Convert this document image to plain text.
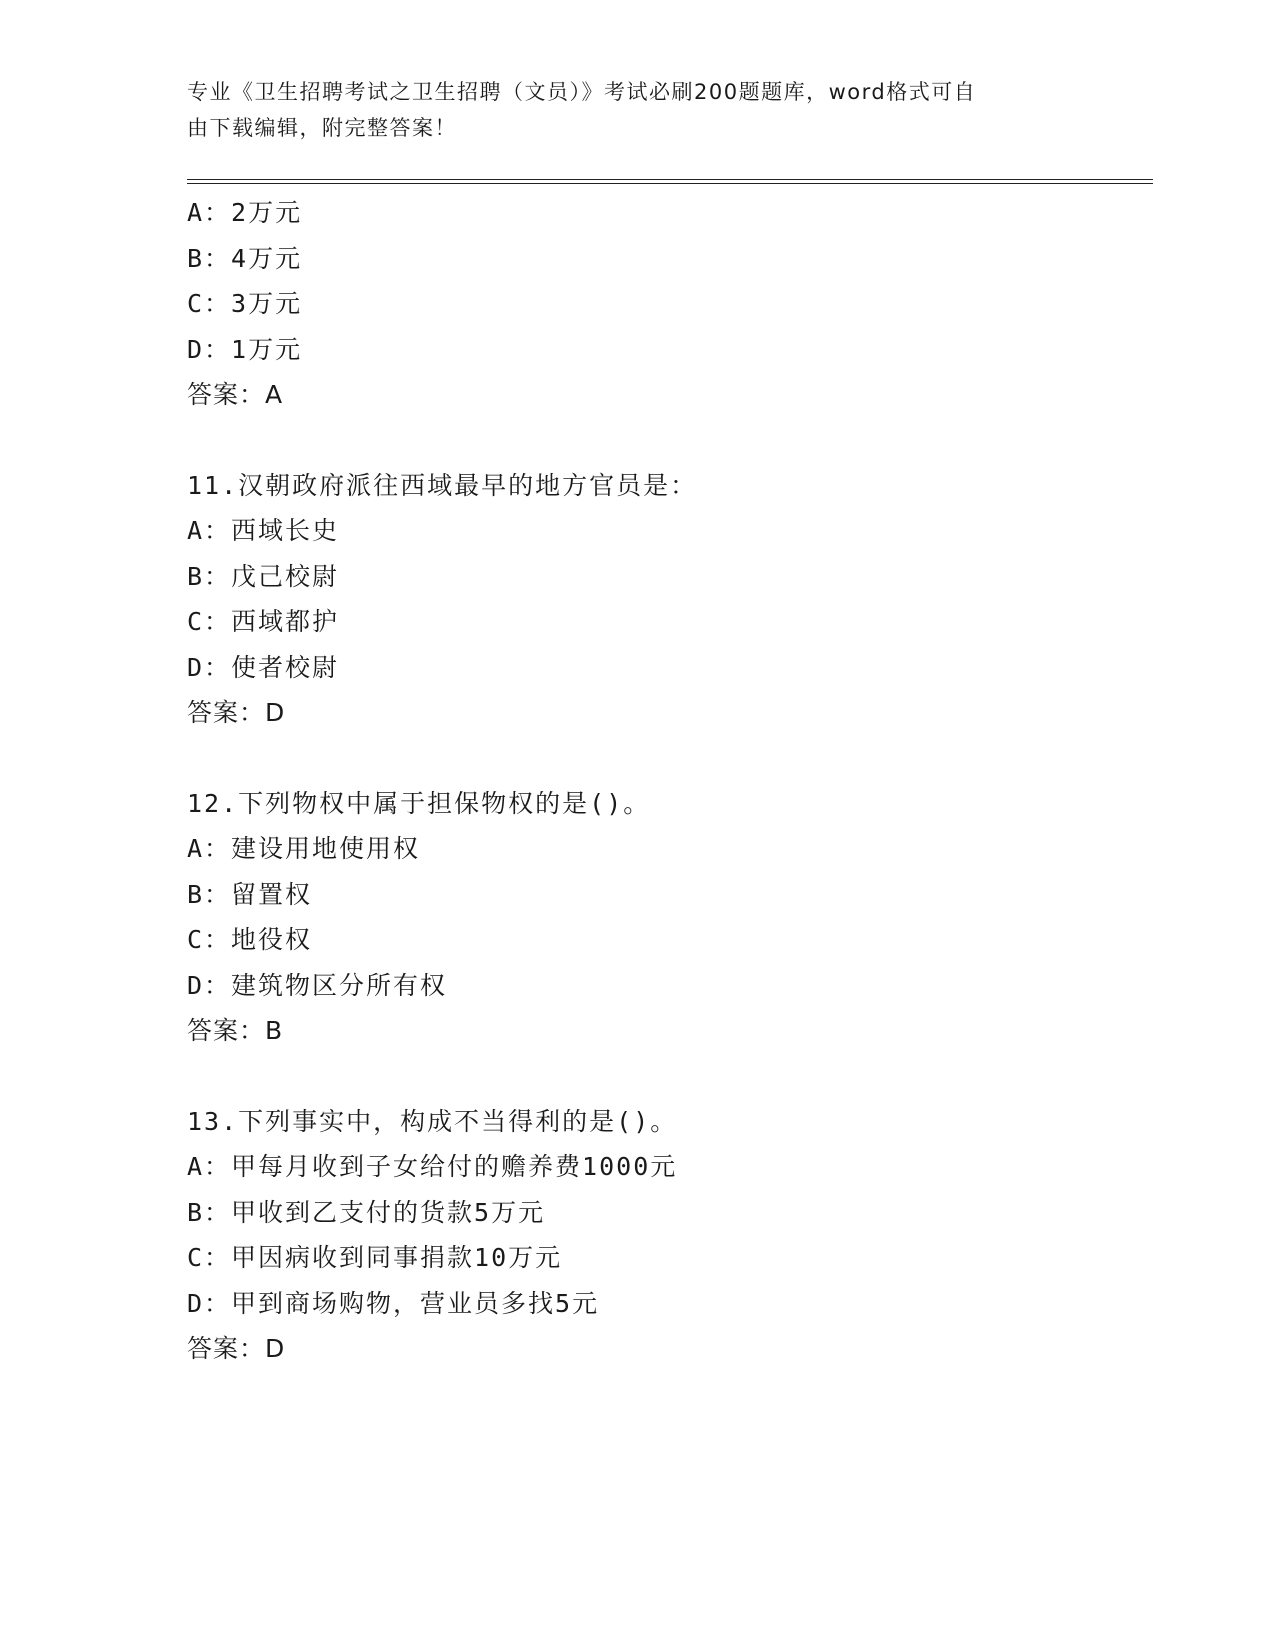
专业《卫生招聘考试之卫生招聘（文员）》考试必刷200题题库，word格式可自
由下载编辑，附完整答案！
A：2万元
B：4万元
C：3万元
D：1万元
答案：A
11.汉朝政府派往西域最早的地方官员是：
A：西域长史
B：戊己校尉
C：西域都护
D：使者校尉
答案：D
12.下列物权中属于担保物权的是()。
A：建设用地使用权
B：留置权
C：地役权
D：建筑物区分所有权
答案：B
13.下列事实中，构成不当得利的是()。
A：甲每月收到子女给付的赡养费1000元
B：甲收到乙支付的货款5万元
C：甲因病收到同事捐款10万元
D：甲到商场购物，营业员多找5元
答案：D
